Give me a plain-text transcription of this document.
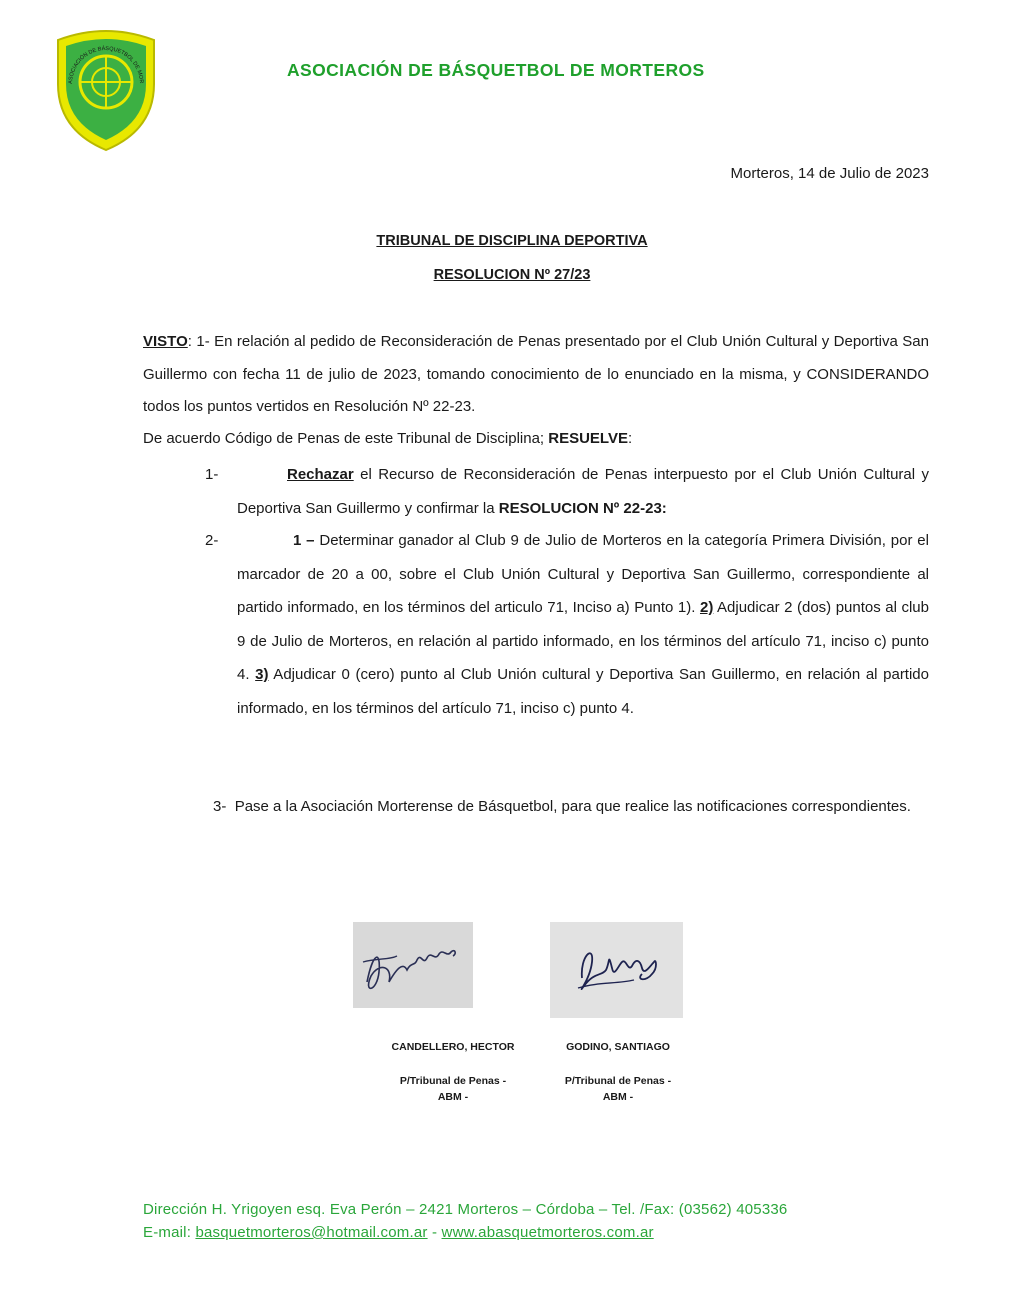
ASOCIACIÓN DE BÁSQUETBOL DE MOR
ASOCIACIÓN DE BÁSQUETBOL DE MORTEROS
Morteros, 14 de Julio de 2023
TRIBUNAL DE DISCIPLINA DEPORTIVA
RESOLUCION Nº 27/23
VISTO: 1- En relación al pedido de Reconsideración de Penas presentado por el Club Unión Cultural y Deportiva San Guillermo con fecha 11 de julio de 2023, tomando conocimiento de lo enunciado en la misma, y CONSIDERANDO todos los puntos vertidos en Resolución Nº 22-23.
De acuerdo Código de Penas de este Tribunal de Disciplina; RESUELVE:
1-	Rechazar el Recurso de Reconsideración de Penas interpuesto por el Club Unión Cultural y Deportiva San Guillermo y confirmar la RESOLUCION Nº 22-23:
2-	1 – Determinar ganador al Club 9 de Julio de Morteros en la categoría Primera División, por el marcador de 20 a 00, sobre el Club Unión Cultural y Deportiva San Guillermo, correspondiente al partido informado, en los términos del articulo 71, Inciso a) Punto 1). 2) Adjudicar 2 (dos) puntos al club 9 de Julio de Morteros, en relación al partido informado, en los términos del artículo 71, inciso c) punto 4. 3) Adjudicar 0 (cero) punto al Club Unión cultural y Deportiva San Guillermo, en relación al partido informado, en los términos del artículo 71, inciso c) punto 4.
3- Pase a la Asociación Morterense de Básquetbol, para que realice las notificaciones correspondientes.
CANDELLERO, HECTOR	GODINO, SANTIAGO
P/Tribunal de Penas -
ABM -
P/Tribunal de Penas -
ABM -
Dirección H. Yrigoyen esq. Eva Perón – 2421 Morteros – Córdoba – Tel. /Fax: (03562) 405336
E-mail: basquetmorteros@hotmail.com.ar - www.abasquetmorteros.com.ar
